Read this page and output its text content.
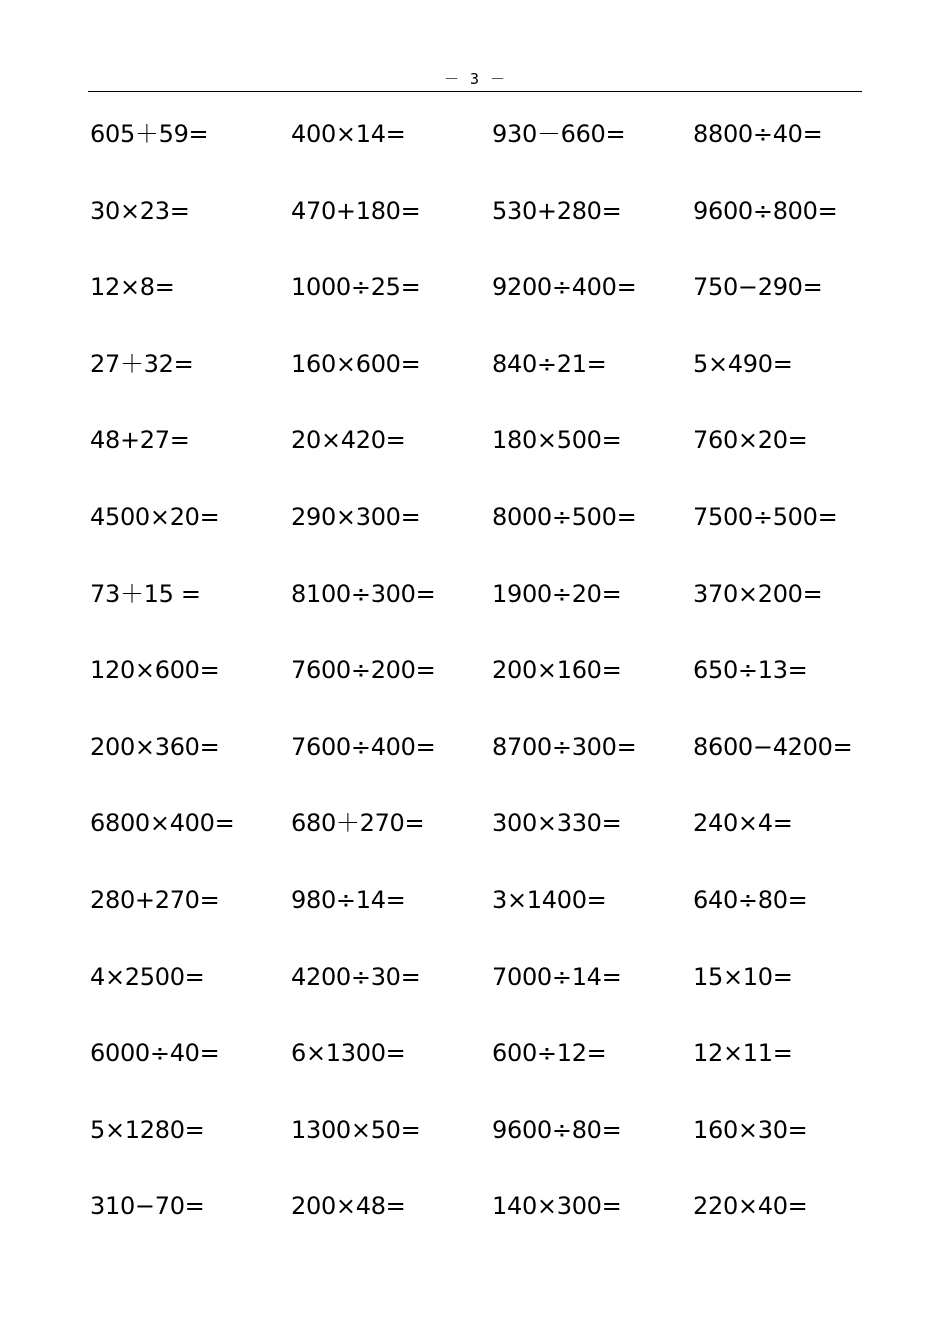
－ 3 －
605＋59=	400×14=	930－660=	8800÷40=
30×23=	470+180=	530+280=	9600÷800=
12×8=	1000÷25=	9200÷400=	750−290=
27＋32=	160×600=	840÷21=	5×490=
48+27=	20×420=	180×500=	760×20=
4500×20=	290×300=	8000÷500=	7500÷500=
73＋15 =	8100÷300=	1900÷20=	370×200=
120×600=	7600÷200=	200×160=	650÷13=
200×360=	7600÷400=	8700÷300=	8600−4200=
6800×400=	680＋270=	300×330=	240×4=
280+270=	980÷14=	3×1400=	640÷80=
4×2500=	4200÷30=	7000÷14=	15×10=
6000÷40=	6×1300=	600÷12=	12×11=
5×1280=	1300×50=	9600÷80=	160×30=
310−70=	200×48=	140×300=	220×40=
